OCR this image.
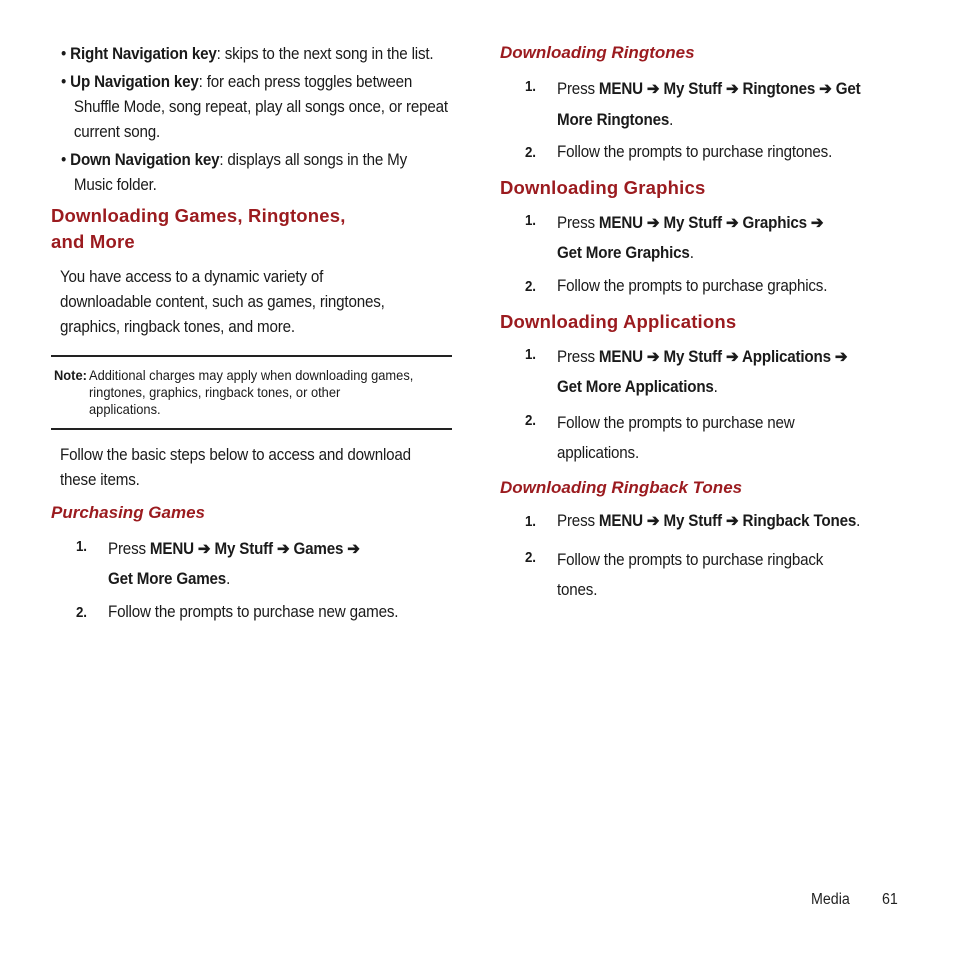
• Right Navigation key: skips to the next song in the list.
• Up Navigation key: for each press toggles between
Shuffle Mode, song repeat, play all songs once, or repeat
current song.
• Down Navigation key: displays all songs in the My
Music folder.
Downloading Games, Ringtones,
and More
You have access to a dynamic variety of
downloadable content, such as games, ringtones,
graphics, ringback tones, and more.
Note: Additional charges may apply when downloading games,
ringtones, graphics, ringback tones, or other
applications.
Follow the basic steps below to access and download
these items.
Purchasing Games
1. Press MENU ➔ My Stuff ➔ Games ➔
Get More Games.
2. Follow the prompts to purchase new games.
Downloading Ringtones
1. Press MENU ➔ My Stuff ➔ Ringtones ➔ Get
More Ringtones.
2. Follow the prompts to purchase ringtones.
Downloading Graphics
1. Press MENU ➔ My Stuff ➔ Graphics ➔
Get More Graphics.
2. Follow the prompts to purchase graphics.
Downloading Applications
1. Press MENU ➔ My Stuff ➔ Applications ➔
Get More Applications.
2. Follow the prompts to purchase new
applications.
Downloading Ringback Tones
1. Press MENU ➔ My Stuff ➔ Ringback Tones.
2. Follow the prompts to purchase ringback
tones.
Media 61
